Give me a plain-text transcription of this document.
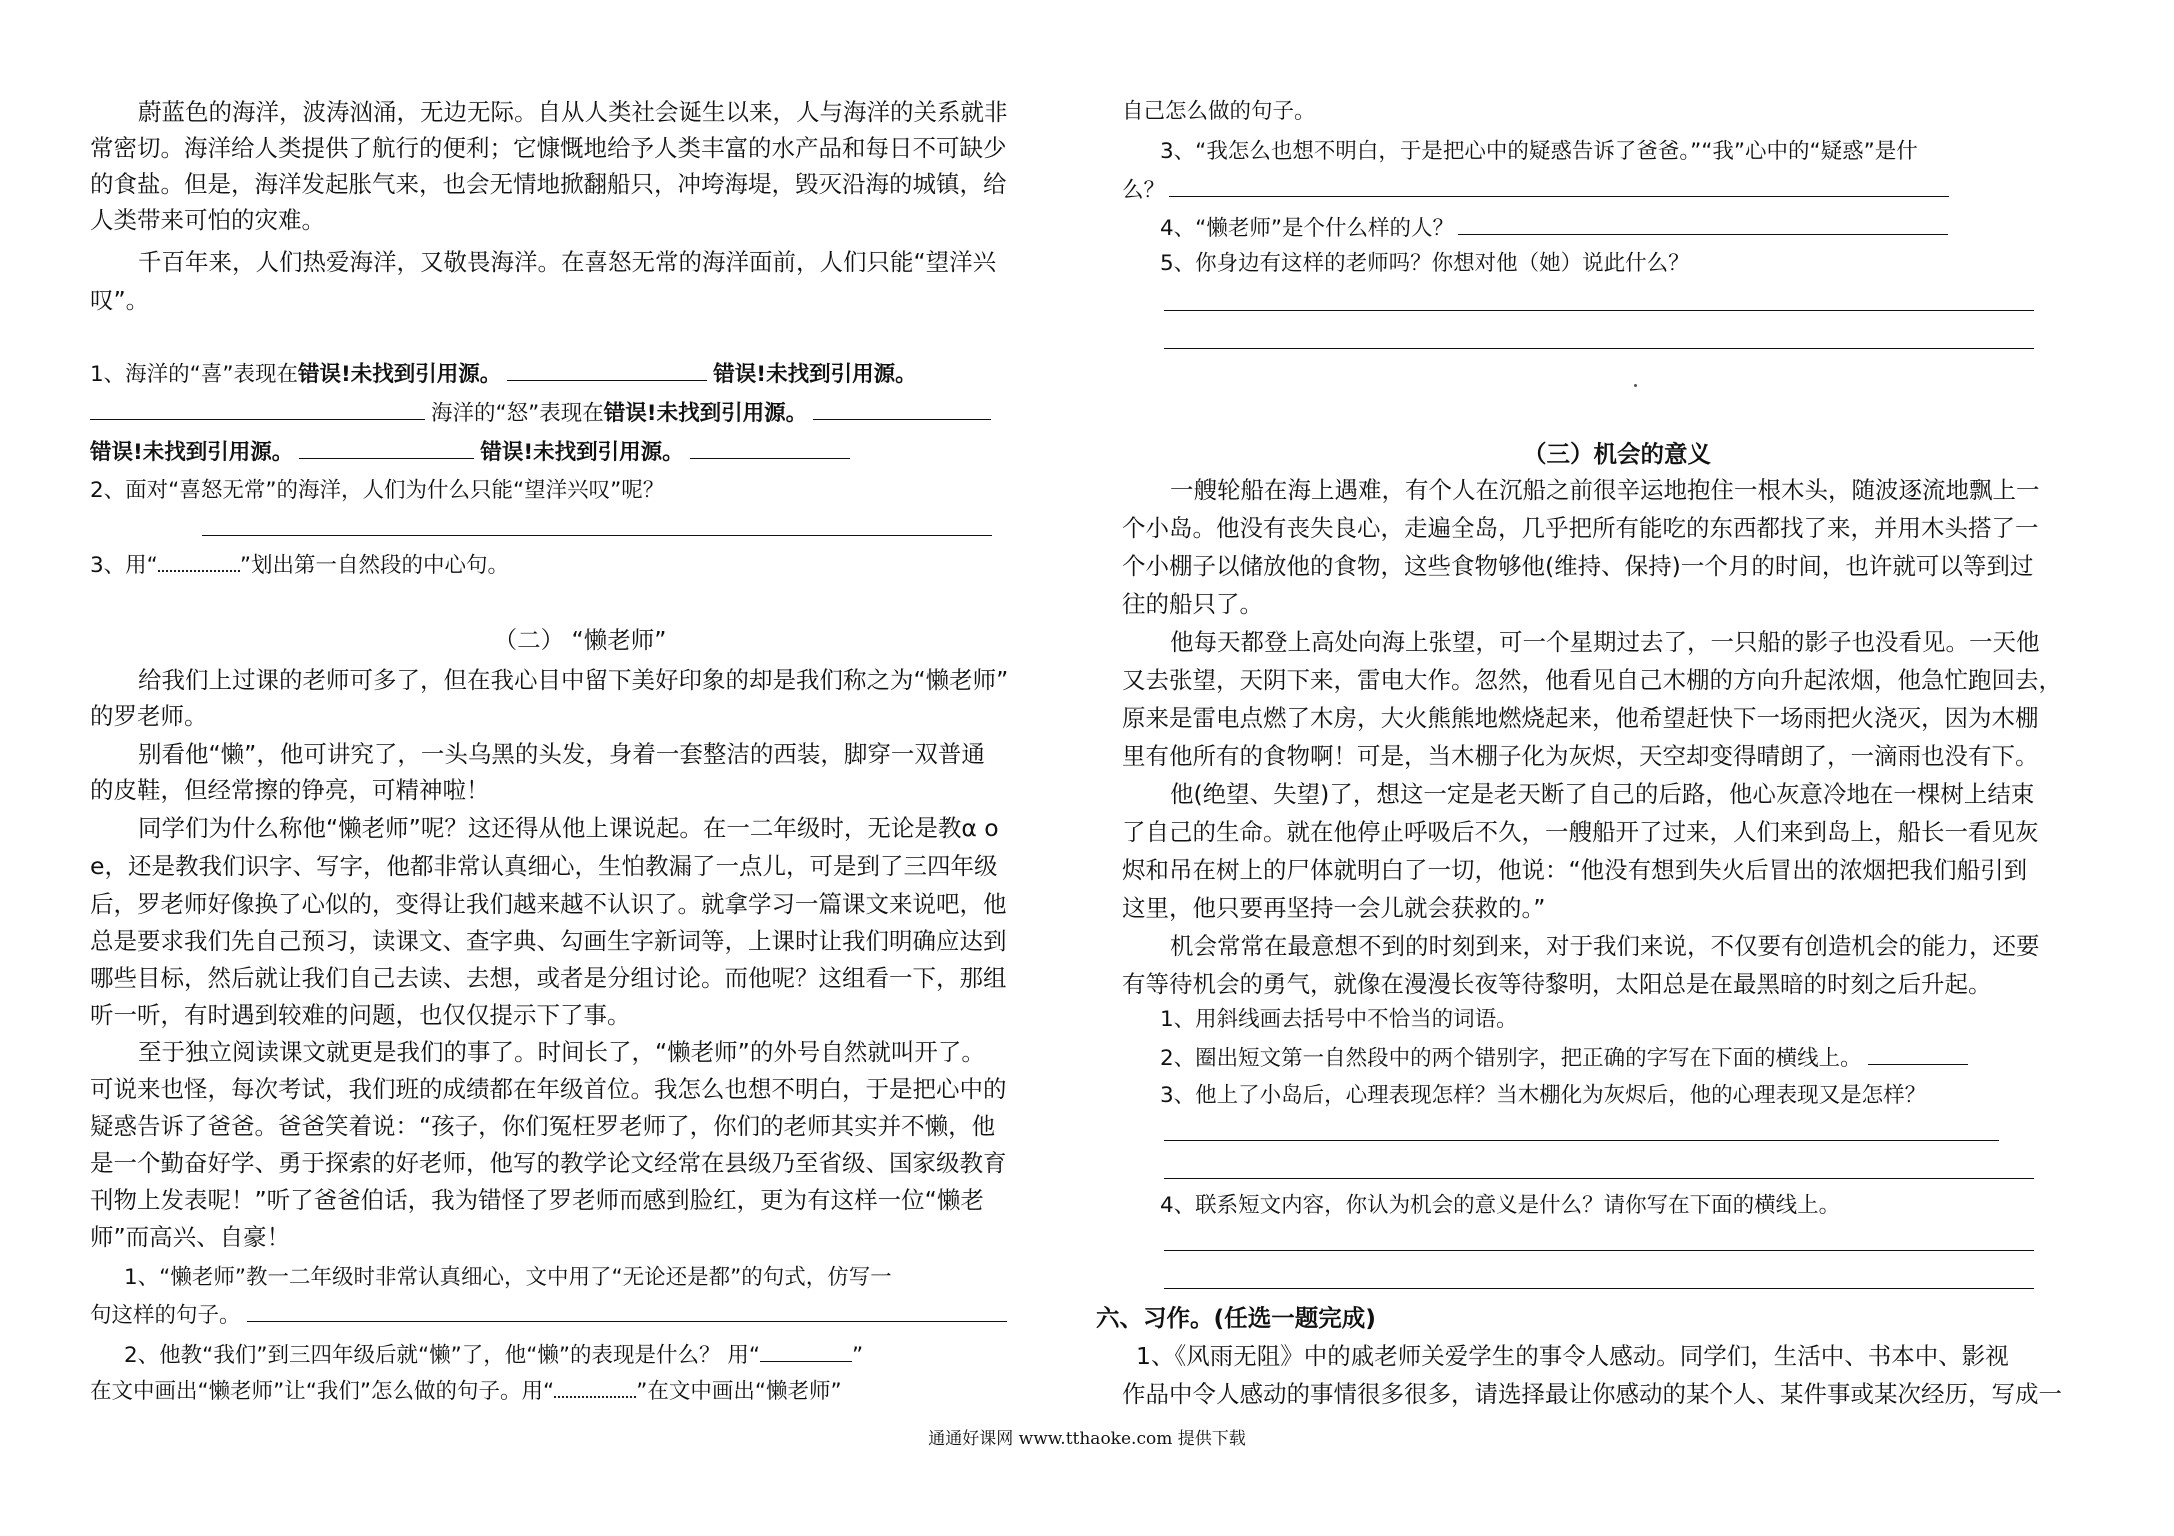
蔚蓝色的海洋，波涛汹涌，无边无际。自从人类社会诞生以来，人与海洋的关系就非
常密切。海洋给人类提供了航行的便利；它慷慨地给予人类丰富的水产品和每日不可缺少
的食盐。但是，海洋发起胀气来，也会无情地掀翻船只，冲垮海堤，毁灭沿海的城镇，给
人类带来可怕的灾难。
千百年来，人们热爱海洋，又敬畏海洋。在喜怒无常的海洋面前，人们只能“望洋兴
叹”。
1、海洋的“喜”表现在错误!未找到引用源。	错误!未找到引用源。
海洋的“怒”表现在错误!未找到引用源。
错误!未找到引用源。	错误!未找到引用源。
2、面对“喜怒无常”的海洋，人们为什么只能“望洋兴叹”呢？
3、用“	”划出第一自然段的中心句。
（二） “懒老师”
给我们上过课的老师可多了，但在我心目中留下美好印象的却是我们称之为“懒老师”
的罗老师。
别看他“懒”，他可讲究了，一头乌黑的头发，身着一套整洁的西装，脚穿一双普通
的皮鞋，但经常擦的铮亮，可精神啦！
同学们为什么称他“懒老师”呢？这还得从他上课说起。在一二年级时，无论是教α o
e，还是教我们识字、写字，他都非常认真细心，生怕教漏了一点儿，可是到了三四年级
后，罗老师好像换了心似的，变得让我们越来越不认识了。就拿学习一篇课文来说吧，他
总是要求我们先自己预习，读课文、查字典、勾画生字新词等，上课时让我们明确应达到
哪些目标，然后就让我们自己去读、去想，或者是分组讨论。而他呢？这组看一下，那组
听一听，有时遇到较难的问题，也仅仅提示下了事。
至于独立阅读课文就更是我们的事了。时间长了，“懒老师”的外号自然就叫开了。
可说来也怪，每次考试，我们班的成绩都在年级首位。我怎么也想不明白，于是把心中的
疑惑告诉了爸爸。爸爸笑着说：“孩子，你们冤枉罗老师了，你们的老师其实并不懒，他
是一个勤奋好学、勇于探索的好老师，他写的教学论文经常在县级乃至省级、国家级教育
刊物上发表呢！”听了爸爸伯话，我为错怪了罗老师而感到脸红，更为有这样一位“懒老
师”而高兴、自豪！
1、“懒老师”教一二年级时非常认真细心，文中用了“无论还是都”的句式，仿写一
句这样的句子。
2、他教“我们”到三四年级后就“懒”了，他“懒”的表现是什么？ 用“	”
在文中画出“懒老师”让“我们”怎么做的句子。用“	”在文中画出“懒老师”
自己怎么做的句子。
3、“我怎么也想不明白，于是把心中的疑惑告诉了爸爸。”“我”心中的“疑惑”是什
么？
4、“懒老师”是个什么样的人？
5、你身边有这样的老师吗？你想对他（她）说此什么？
（三）机会的意义
一艘轮船在海上遇难，有个人在沉船之前很辛运地抱住一根木头，随波逐流地飘上一
个小岛。他没有丧失良心，走遍全岛，几乎把所有能吃的东西都找了来，并用木头搭了一
个小棚子以储放他的食物，这些食物够他(维持、保持)一个月的时间，也许就可以等到过
往的船只了。
他每天都登上高处向海上张望，可一个星期过去了，一只船的影子也没看见。一天他
又去张望，天阴下来，雷电大作。忽然，他看见自己木棚的方向升起浓烟，他急忙跑回去，
原来是雷电点燃了木房，大火熊熊地燃烧起来，他希望赶快下一场雨把火浇灭，因为木棚
里有他所有的食物啊！可是，当木棚子化为灰烬，天空却变得晴朗了，一滴雨也没有下。
他(绝望、失望)了，想这一定是老天断了自己的后路，他心灰意冷地在一棵树上结束
了自己的生命。就在他停止呼吸后不久，一艘船开了过来，人们来到岛上，船长一看见灰
烬和吊在树上的尸体就明白了一切，他说：“他没有想到失火后冒出的浓烟把我们船引到
这里，他只要再坚持一会儿就会获救的。”
机会常常在最意想不到的时刻到来，对于我们来说，不仅要有创造机会的能力，还要
有等待机会的勇气，就像在漫漫长夜等待黎明，太阳总是在最黑暗的时刻之后升起。
1、用斜线画去括号中不恰当的词语。
2、圈出短文第一自然段中的两个错别字，把正确的字写在下面的横线上。
3、他上了小岛后，心理表现怎样？当木棚化为灰烬后，他的心理表现又是怎样？
4、联系短文内容，你认为机会的意义是什么？请你写在下面的横线上。
六、习作。(任选一题完成)
1、《风雨无阻》中的戚老师关爱学生的事令人感动。同学们，生活中、书本中、影视
作品中令人感动的事情很多很多，请选择最让你感动的某个人、某件事或某次经历，写成一
通通好课网 www.tthaoke.com 提供下载
